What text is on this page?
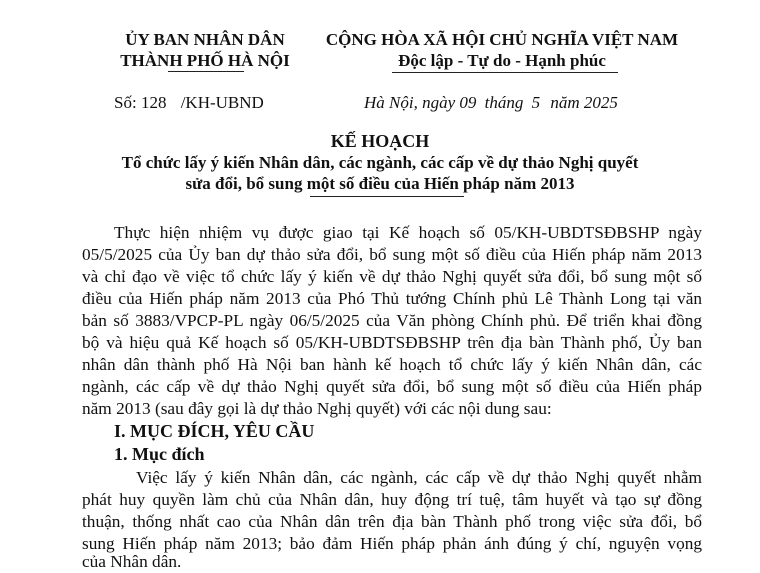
ỦY BAN NHÂN DÂN
THÀNH PHỐ HÀ NỘI
CỘNG HÒA XÃ HỘI CHỦ NGHĨA VIỆT NAM
Độc lập - Tự do - Hạnh phúc
Số: 128 /KH-UBND	Hà Nội, ngày 09 tháng 5 năm 2025
KẾ HOẠCH
Tổ chức lấy ý kiến Nhân dân, các ngành, các cấp về dự thảo Nghị quyết
sửa đổi, bổ sung một số điều của Hiến pháp năm 2013
Thực hiện nhiệm vụ được giao tại Kế hoạch số 05/KH-UBDTSĐBSHP ngày
05/5/2025 của Ủy ban dự thảo sửa đổi, bổ sung một số điều của Hiến pháp năm 2013
và chỉ đạo về việc tổ chức lấy ý kiến về dự thảo Nghị quyết sửa đổi, bổ sung một số
điều của Hiến pháp năm 2013 của Phó Thủ tướng Chính phủ Lê Thành Long tại văn
bản số 3883/VPCP-PL ngày 06/5/2025 của Văn phòng Chính phủ. Để triển khai đồng
bộ và hiệu quả Kế hoạch số 05/KH-UBDTSĐBSHP trên địa bàn Thành phố, Ủy ban
nhân dân thành phố Hà Nội ban hành kế hoạch tổ chức lấy ý kiến Nhân dân, các
ngành, các cấp về dự thảo Nghị quyết sửa đổi, bổ sung một số điều của Hiến pháp
năm 2013 (sau đây gọi là dự thảo Nghị quyết) với các nội dung sau:
I. MỤC ĐÍCH, YÊU CẦU
1. Mục đích
Việc lấy ý kiến Nhân dân, các ngành, các cấp về dự thảo Nghị quyết nhằm
phát huy quyền làm chủ của Nhân dân, huy động trí tuệ, tâm huyết và tạo sự đồng
thuận, thống nhất cao của Nhân dân trên địa bàn Thành phố trong việc sửa đổi, bổ
sung Hiến pháp năm 2013; bảo đảm Hiến pháp phản ánh đúng ý chí, nguyện vọng
của Nhân dân.
